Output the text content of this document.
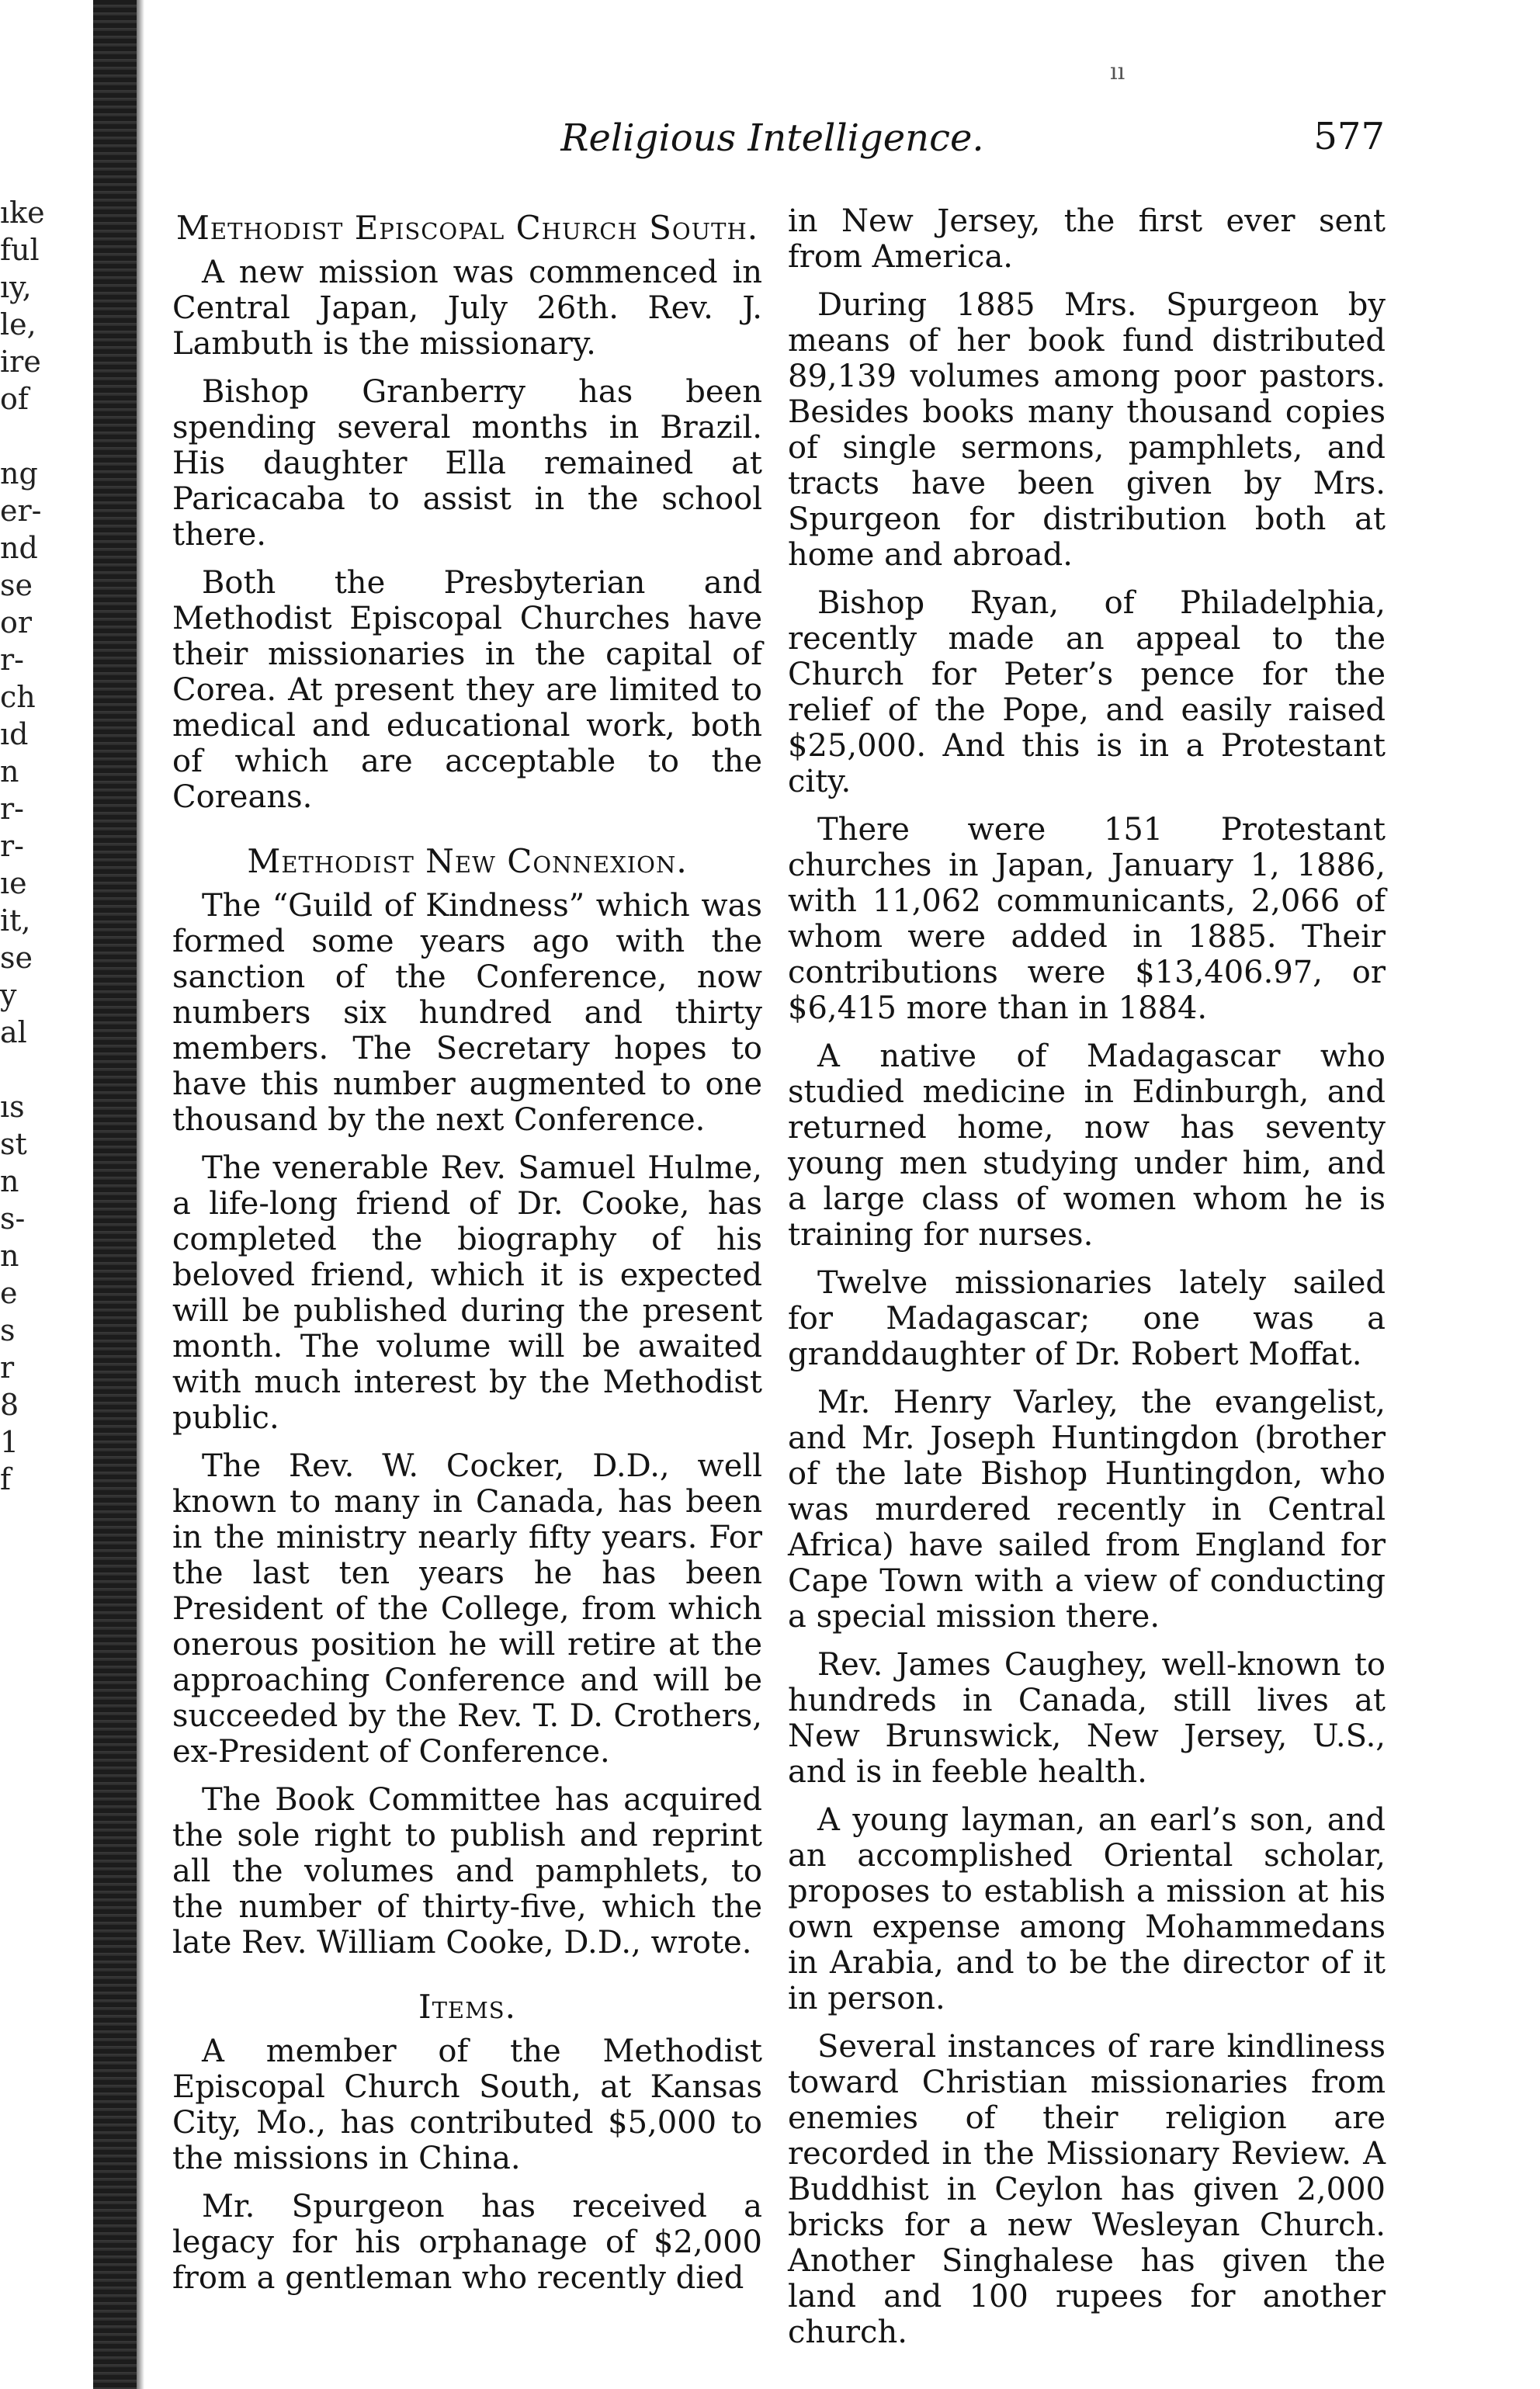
ıke
ful
ıy,
le,
ire
of
ng
er-
nd
se
or
r-
ch
ıd
n
r-
r-
ıe
it,
se
y
al
ıs
st
n
s-
n
e
s
r
8
1
f
ıı
Religious Intelligence.	577
Methodist Episcopal Church South.

A new mission was commenced in Central Japan, July 26th. Rev. J. Lambuth is the missionary.

Bishop Granberry has been spending several months in Brazil. His daughter Ella remained at Paricacaba to assist in the school there.

Both the Presbyterian and Methodist Episcopal Churches have their missionaries in the capital of Corea. At present they are limited to medical and educational work, both of which are acceptable to the Coreans.

Methodist New Connexion.

The “Guild of Kindness” which was formed some years ago with the sanction of the Conference, now numbers six hundred and thirty members. The Secretary hopes to have this number augmented to one thousand by the next Conference.

The venerable Rev. Samuel Hulme, a life-long friend of Dr. Cooke, has completed the biography of his beloved friend, which it is expected will be published during the present month. The volume will be awaited with much interest by the Methodist public.

The Rev. W. Cocker, D.D., well known to many in Canada, has been in the ministry nearly fifty years. For the last ten years he has been President of the College, from which onerous position he will retire at the approaching Conference and will be succeeded by the Rev. T. D. Crothers, ex-President of Conference.

The Book Committee has acquired the sole right to publish and reprint all the volumes and pamphlets, to the number of thirty-five, which the late Rev. William Cooke, D.D., wrote.

Items.

A member of the Methodist Episcopal Church South, at Kansas City, Mo., has contributed $5,000 to the missions in China.

Mr. Spurgeon has received a legacy for his orphanage of $2,000 from a gentleman who recently died

in New Jersey, the first ever sent from America.

During 1885 Mrs. Spurgeon by means of her book fund distributed 89,139 volumes among poor pastors. Besides books many thousand copies of single sermons, pamphlets, and tracts have been given by Mrs. Spurgeon for distribution both at home and abroad.

Bishop Ryan, of Philadelphia, recently made an appeal to the Church for Peter’s pence for the relief of the Pope, and easily raised $25,000. And this is in a Protestant city.

There were 151 Protestant churches in Japan, January 1, 1886, with 11,062 communicants, 2,066 of whom were added in 1885. Their contributions were $13,406.97, or $6,415 more than in 1884.

A native of Madagascar who studied medicine in Edinburgh, and returned home, now has seventy young men studying under him, and a large class of women whom he is training for nurses.

Twelve missionaries lately sailed for Madagascar; one was a granddaughter of Dr. Robert Moffat.

Mr. Henry Varley, the evangelist, and Mr. Joseph Huntingdon (brother of the late Bishop Huntingdon, who was murdered recently in Central Africa) have sailed from England for Cape Town with a view of conducting a special mission there.

Rev. James Caughey, well-known to hundreds in Canada, still lives at New Brunswick, New Jersey, U.S., and is in feeble health.

A young layman, an earl’s son, and an accomplished Oriental scholar, proposes to establish a mission at his own expense among Mohammedans in Arabia, and to be the director of it in person.

Several instances of rare kindliness toward Christian missionaries from enemies of their religion are recorded in the Missionary Review. A Buddhist in Ceylon has given 2,000 bricks for a new Wesleyan Church. Another Singhalese has given the land and 100 rupees for another church.
